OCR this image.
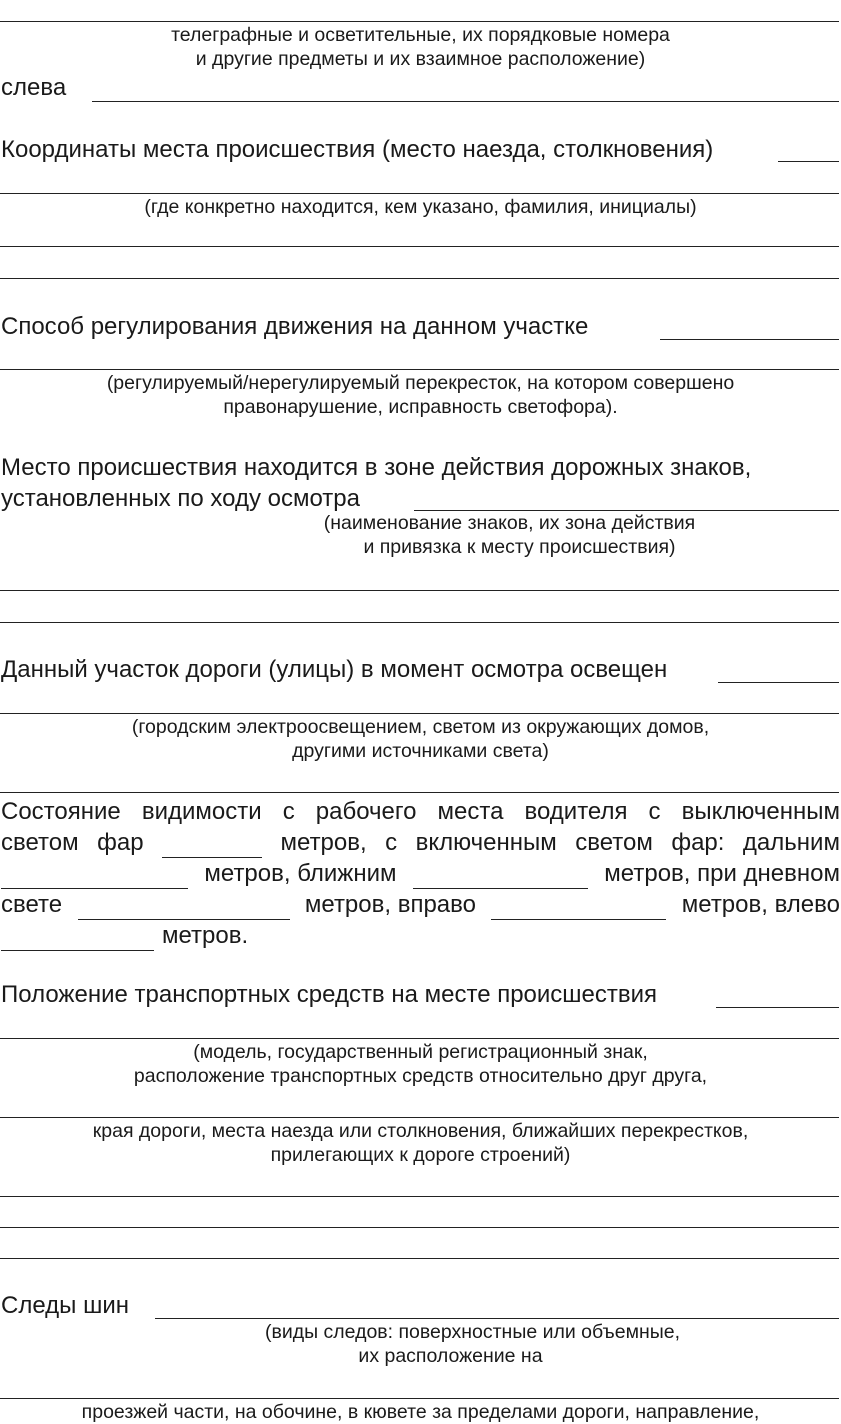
телеграфные и осветительные, их порядковые номера
и другие предметы и их взаимное расположение)
слева
Координаты места происшествия (место наезда, столкновения)
(где конкретно находится, кем указано, фамилия, инициалы)
Способ регулирования движения на данном участке
(регулируемый/нерегулируемый перекресток, на котором совершено
правонарушение, исправность светофора).
Место происшествия находится в зоне действия дорожных знаков,
установленных по ходу осмотра
(наименование знаков, их зона действия
и привязка к месту происшествия)
Данный участок дороги (улицы) в момент осмотра освещен
(городским электроосвещением, светом из окружающих домов,
другими источниками света)
Состояние видимости с рабочего места водителя с выключенным
светом фар	метров, с включенным светом фар: дальним
метров, ближним	метров, при дневном
свете	метров, вправо	метров, влево
метров.
Положение транспортных средств на месте происшествия
(модель, государственный регистрационный знак,
расположение транспортных средств относительно друг друга,
края дороги, места наезда или столкновения, ближайших перекрестков,
прилегающих к дороге строений)
Следы шин
(виды следов: поверхностные или объемные,
их расположение на
проезжей части, на обочине, в кювете за пределами дороги, направление,
